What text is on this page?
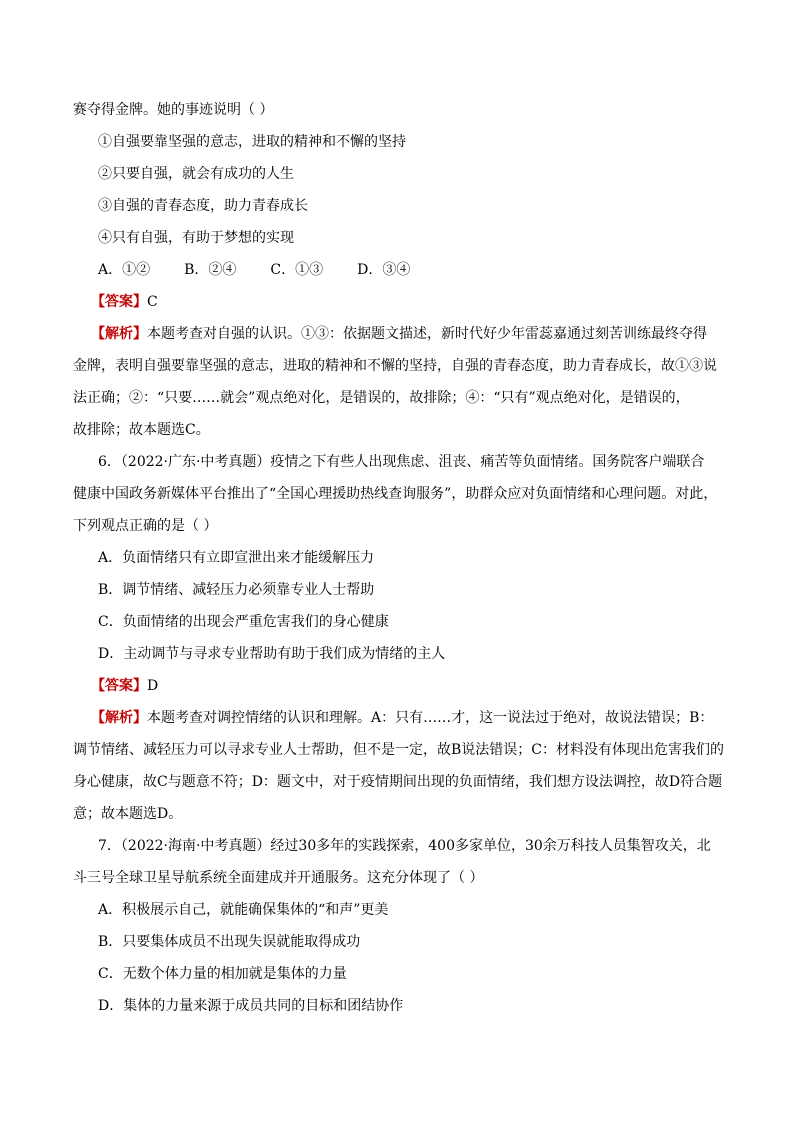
赛夺得金牌。她的事迹说明（ ）
①自强要靠坚强的意志，进取的精神和不懈的坚持
②只要自强，就会有成功的人生
③自强的青春态度，助力青春成长
④只有自强，有助于梦想的实现
A．①② B．②④ C．①③ D．③④
【答案】C
【解析】本题考查对自强的认识。①③：依据题文描述，新时代好少年雷蕊嘉通过刻苦训练最终夺得
金牌，表明自强要靠坚强的意志，进取的精神和不懈的坚持，自强的青春态度，助力青春成长，故①③说
法正确；②：“只要……就会”观点绝对化，是错误的，故排除；④：“只有”观点绝对化，是错误的，
故排除；故本题选C。
6．（2022·广东·中考真题）疫情之下有些人出现焦虑、沮丧、痛苦等负面情绪。国务院客户端联合
健康中国政务新媒体平台推出了“全国心理援助热线查询服务”，助群众应对负面情绪和心理问题。对此，
下列观点正确的是（ ）
A．负面情绪只有立即宣泄出来才能缓解压力
B．调节情绪、减轻压力必须靠专业人士帮助
C．负面情绪的出现会严重危害我们的身心健康
D．主动调节与寻求专业帮助有助于我们成为情绪的主人
【答案】D
【解析】本题考查对调控情绪的认识和理解。A：只有……才，这一说法过于绝对，故说法错误；B：
调节情绪、减轻压力可以寻求专业人士帮助，但不是一定，故B说法错误；C：材料没有体现出危害我们的
身心健康，故C与题意不符；D：题文中，对于疫情期间出现的负面情绪，我们想方设法调控，故D符合题
意；故本题选D。
7．（2022·海南·中考真题）经过30多年的实践探索，400多家单位，30余万科技人员集智攻关，北
斗三号全球卫星导航系统全面建成并开通服务。这充分体现了（ ）
A．积极展示自己，就能确保集体的“和声”更美
B．只要集体成员不出现失误就能取得成功
C．无数个体力量的相加就是集体的力量
D．集体的力量来源于成员共同的目标和团结协作
